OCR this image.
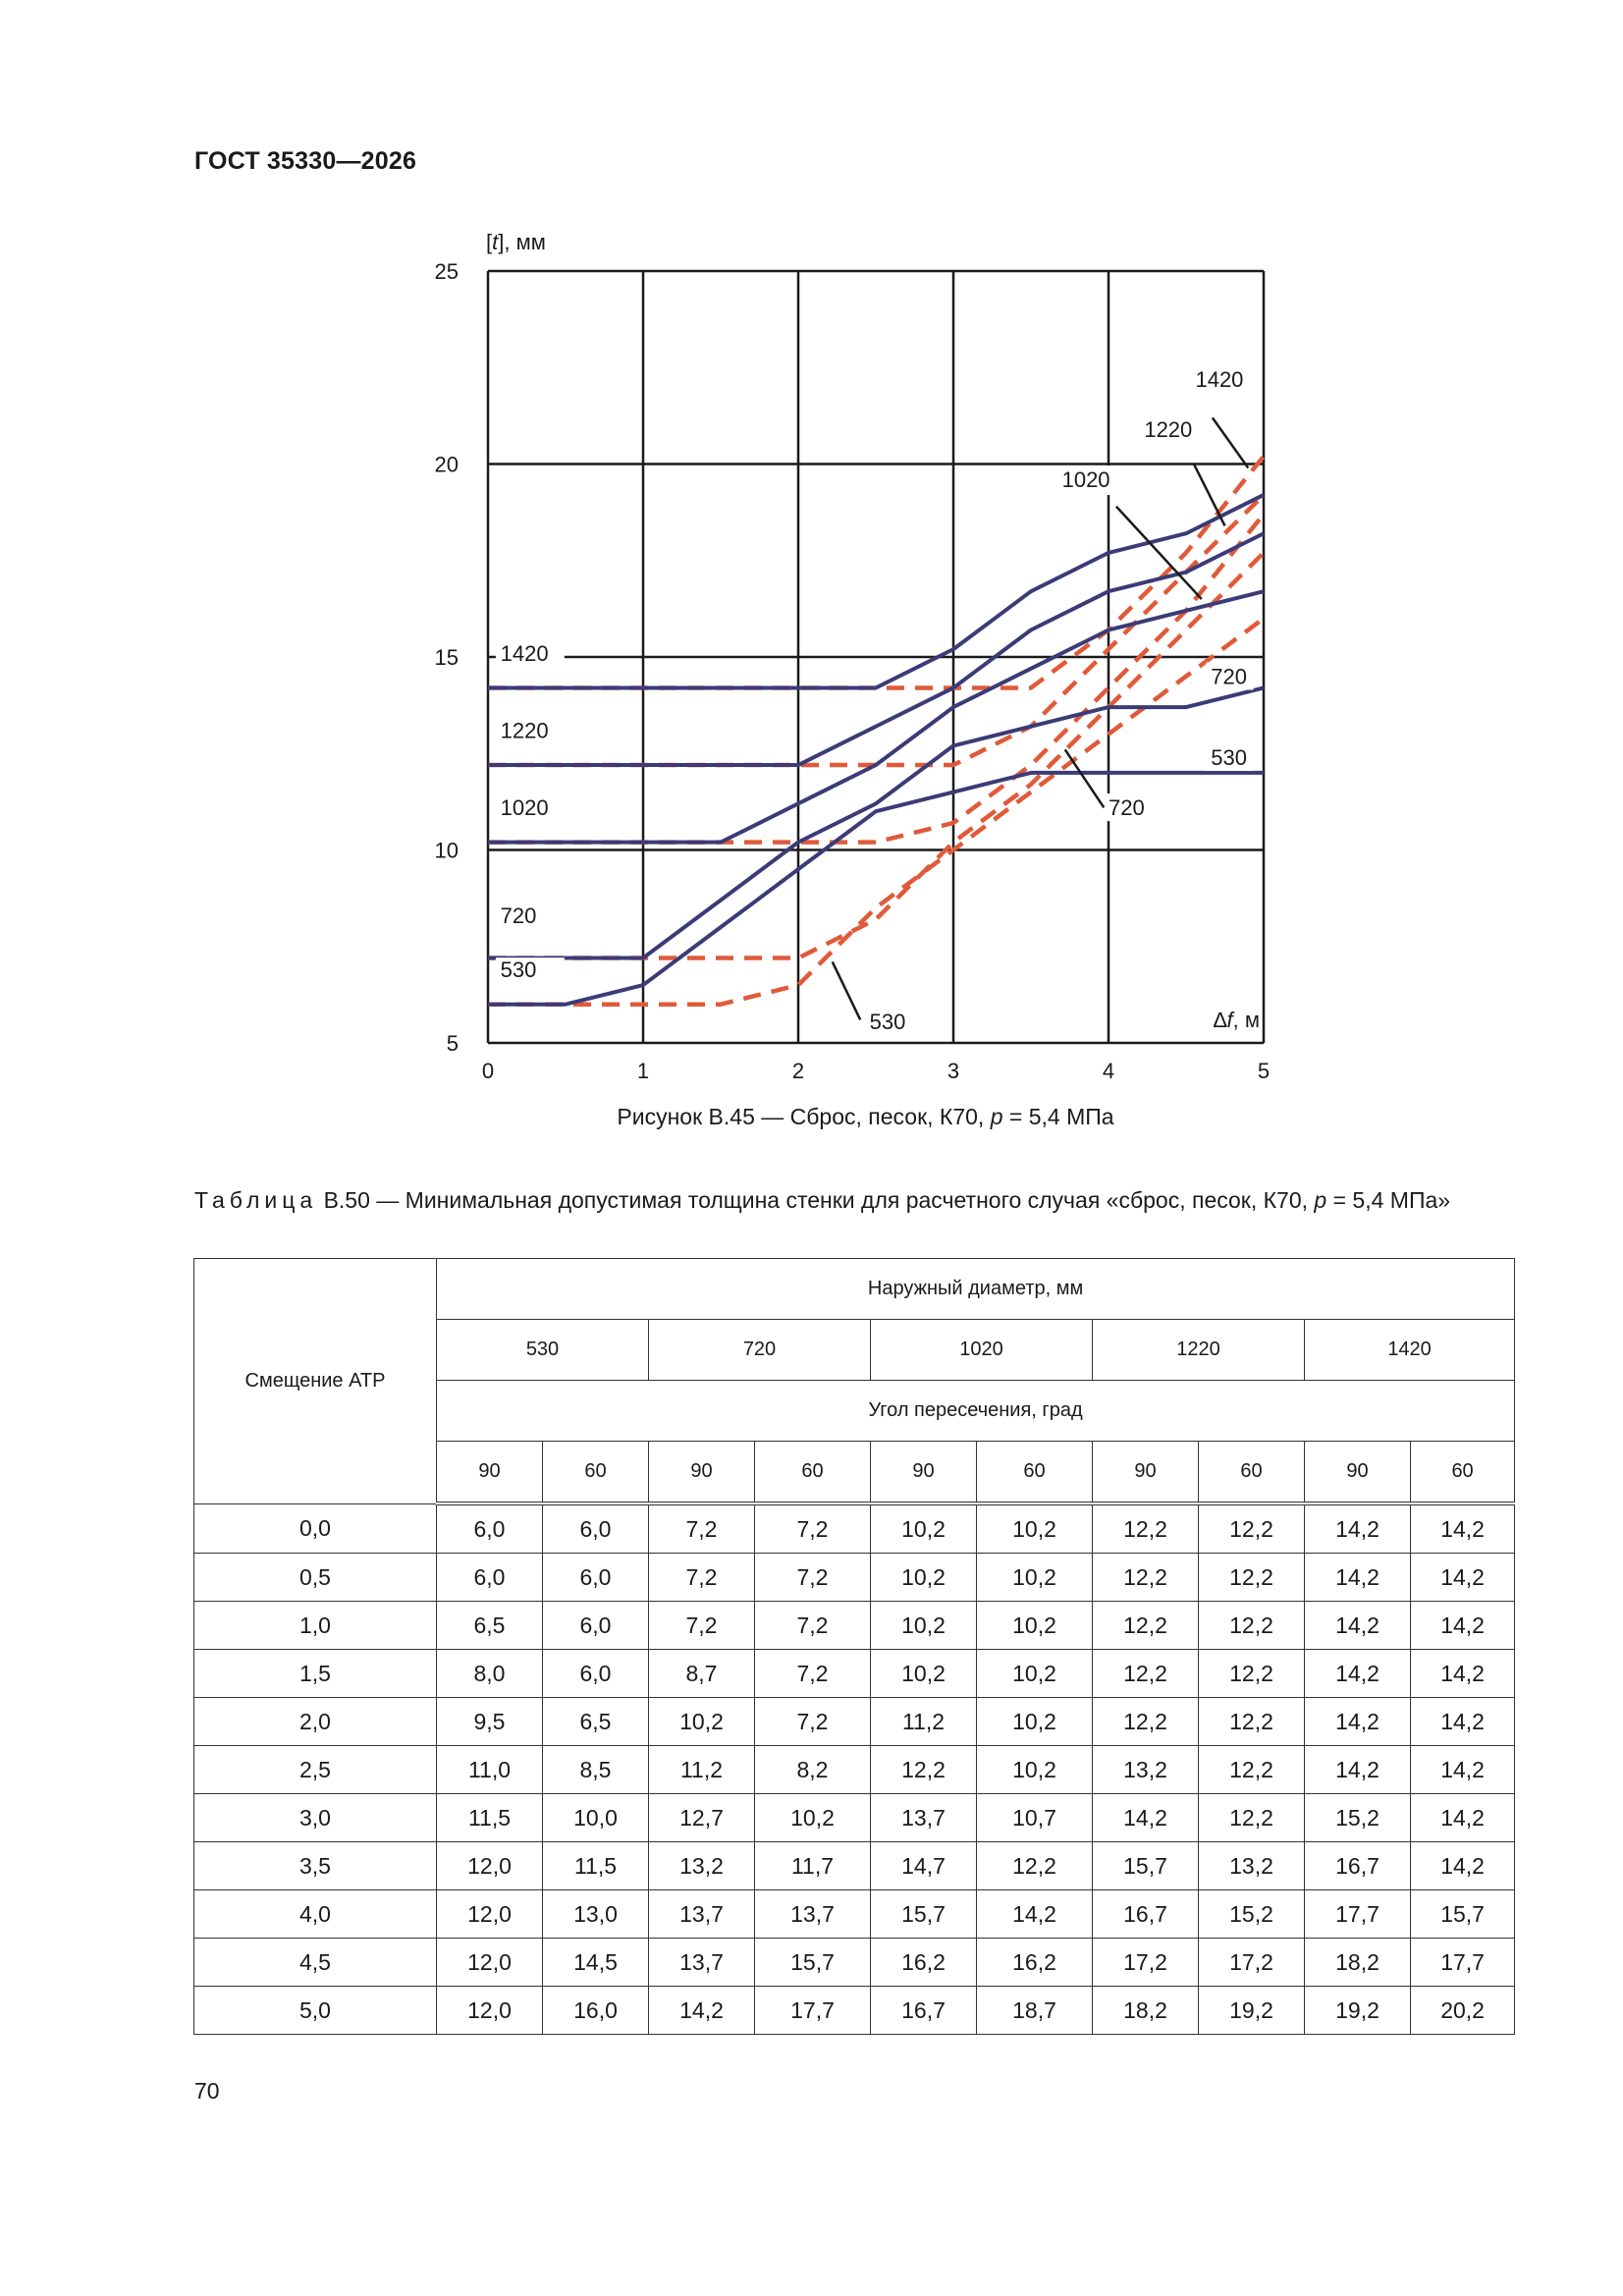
ГОСТ 35330—2026
0	1	2	3	4	5
5
10
15
20
25
1420
1220
1020
720
530
1420
1220
1020
720
530
720
530
[t], мм
∆f, м
Рисунок В.45 — Сброс, песок, К70, p = 5,4 МПа
Таблица В.50 — Минимальная допустимая толщина стенки для расчетного случая «сброс, песок, К70, p = 5,4 МПа»
Смещение АТР	Наружный диаметр, мм									
	530		720		1020		1220		1420	
	Угол пересечения, град									
	90	60	90	60	90	60	90	60	90	60
0,0	6,0	6,0	7,2	7,2	10,2	10,2	12,2	12,2	14,2	14,2
0,5	6,0	6,0	7,2	7,2	10,2	10,2	12,2	12,2	14,2	14,2
1,0	6,5	6,0	7,2	7,2	10,2	10,2	12,2	12,2	14,2	14,2
1,5	8,0	6,0	8,7	7,2	10,2	10,2	12,2	12,2	14,2	14,2
2,0	9,5	6,5	10,2	7,2	11,2	10,2	12,2	12,2	14,2	14,2
2,5	11,0	8,5	11,2	8,2	12,2	10,2	13,2	12,2	14,2	14,2
3,0	11,5	10,0	12,7	10,2	13,7	10,7	14,2	12,2	15,2	14,2
3,5	12,0	11,5	13,2	11,7	14,7	12,2	15,7	13,2	16,7	14,2
4,0	12,0	13,0	13,7	13,7	15,7	14,2	16,7	15,2	17,7	15,7
4,5	12,0	14,5	13,7	15,7	16,2	16,2	17,2	17,2	18,2	17,7
5,0	12,0	16,0	14,2	17,7	16,7	18,7	18,2	19,2	19,2	20,2
70
